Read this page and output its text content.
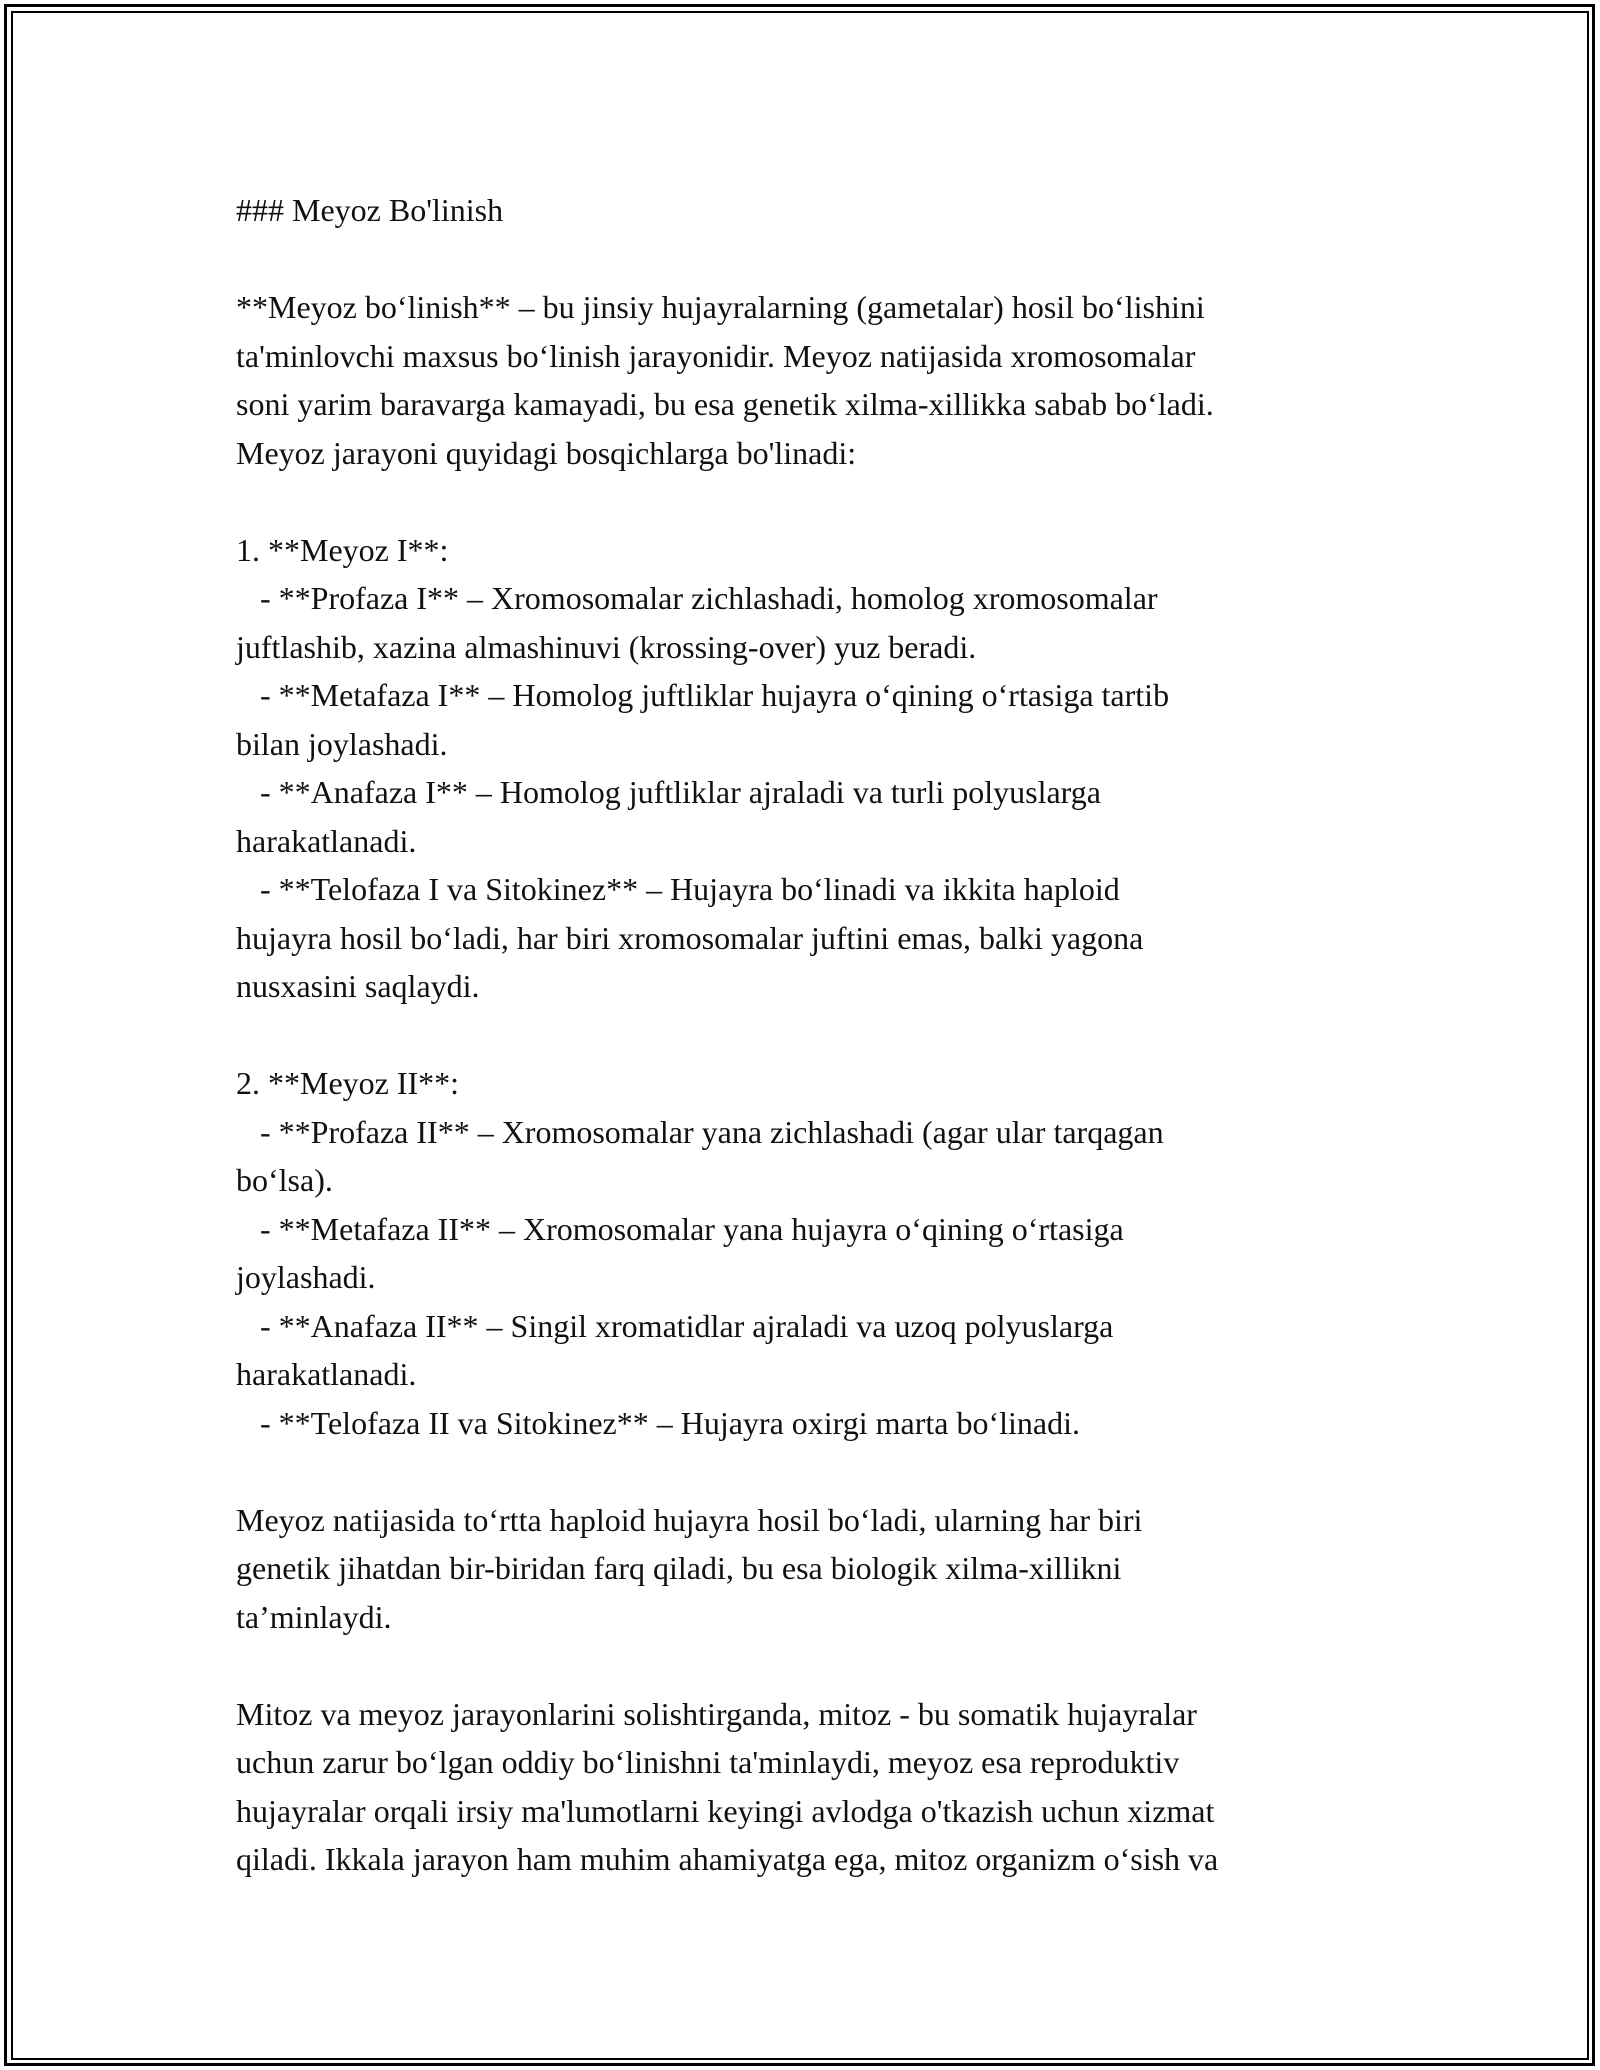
### Meyoz Bo'linish
**Meyoz bo‘linish** – bu jinsiy hujayralarning (gametalar) hosil bo‘lishini
ta'minlovchi maxsus bo‘linish jarayonidir. Meyoz natijasida xromosomalar
soni yarim baravarga kamayadi, bu esa genetik xilma-xillikka sabab bo‘ladi.
Meyoz jarayoni quyidagi bosqichlarga bo'linadi:
1. **Meyoz I**:
- **Profaza I** – Xromosomalar zichlashadi, homolog xromosomalar
juftlashib, xazina almashinuvi (krossing-over) yuz beradi.
- **Metafaza I** – Homolog juftliklar hujayra o‘qining o‘rtasiga tartib
bilan joylashadi.
- **Anafaza I** – Homolog juftliklar ajraladi va turli polyuslarga
harakatlanadi.
- **Telofaza I va Sitokinez** – Hujayra bo‘linadi va ikkita haploid
hujayra hosil bo‘ladi, har biri xromosomalar juftini emas, balki yagona
nusxasini saqlaydi.
2. **Meyoz II**:
- **Profaza II** – Xromosomalar yana zichlashadi (agar ular tarqagan
bo‘lsa).
- **Metafaza II** – Xromosomalar yana hujayra o‘qining o‘rtasiga
joylashadi.
- **Anafaza II** – Singil xromatidlar ajraladi va uzoq polyuslarga
harakatlanadi.
- **Telofaza II va Sitokinez** – Hujayra oxirgi marta bo‘linadi.
Meyoz natijasida to‘rtta haploid hujayra hosil bo‘ladi, ularning har biri
genetik jihatdan bir-biridan farq qiladi, bu esa biologik xilma-xillikni
ta’minlaydi.
Mitoz va meyoz jarayonlarini solishtirganda, mitoz - bu somatik hujayralar
uchun zarur bo‘lgan oddiy bo‘linishni ta'minlaydi, meyoz esa reproduktiv
hujayralar orqali irsiy ma'lumotlarni keyingi avlodga o'tkazish uchun xizmat
qiladi. Ikkala jarayon ham muhim ahamiyatga ega, mitoz organizm o‘sish va
